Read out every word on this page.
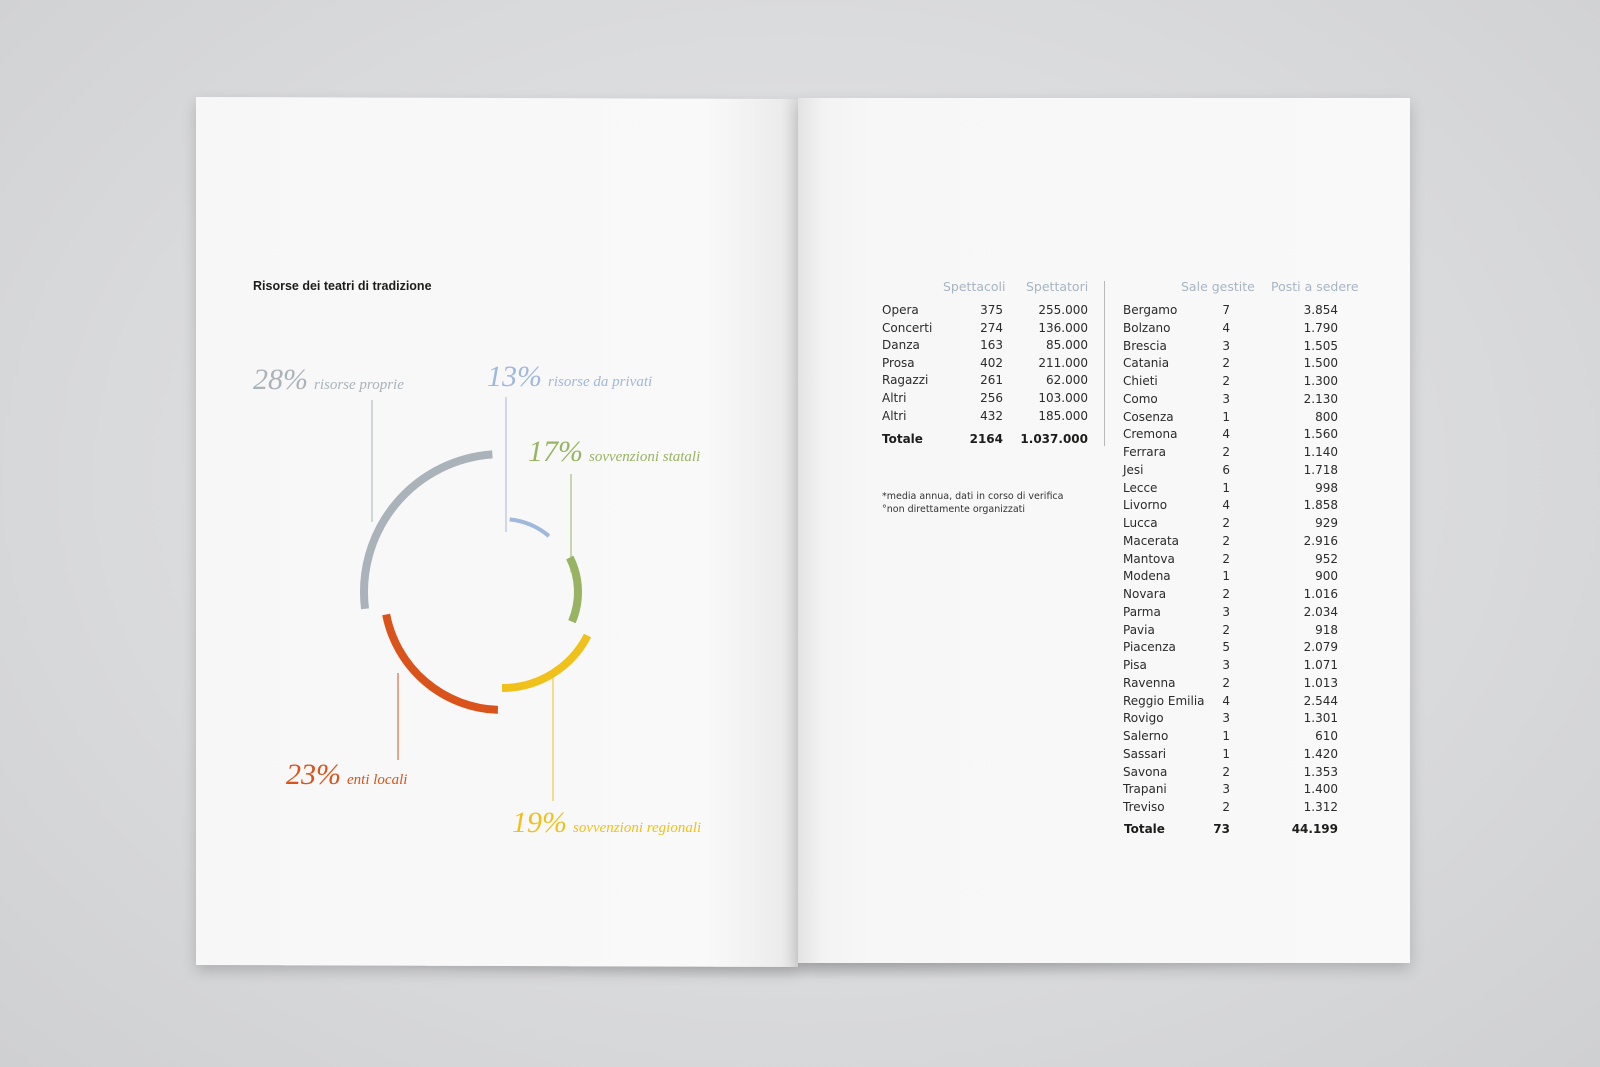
Risorse dei teatri di tradizione
28% risorse proprie	13% risorse da privati
17% sovvenzioni statali
19% sovvenzioni regionali
23% enti locali
Spettacoli Spettatori
Opera	375	255.000
Concerti	274	136.000
Danza	163	85.000
Prosa	402	211.000
Ragazzi	261	62.000
Altri	256	103.000
Altri	432	185.000
Totale	2164	1.037.000
*media annua, dati in corso di verifica
°non direttamente organizzati
Sale gestite Posti a sedere
Bergamo	7	3.854
Bolzano	4	1.790
Brescia	3	1.505
Catania	2	1.500
Chieti	2	1.300
Como	3	2.130
Cosenza	1	800
Cremona	4	1.560
Ferrara	2	1.140
Jesi	6	1.718
Lecce	1	998
Livorno	4	1.858
Lucca	2	929
Macerata	2	2.916
Mantova	2	952
Modena	1	900
Novara	2	1.016
Parma	3	2.034
Pavia	2	918
Piacenza	5	2.079
Pisa	3	1.071
Ravenna	2	1.013
Reggio Emilia	4	2.544
Rovigo	3	1.301
Salerno	1	610
Sassari	1	1.420
Savona	2	1.353
Trapani	3	1.400
Treviso	2	1.312
Totale	73	44.199
